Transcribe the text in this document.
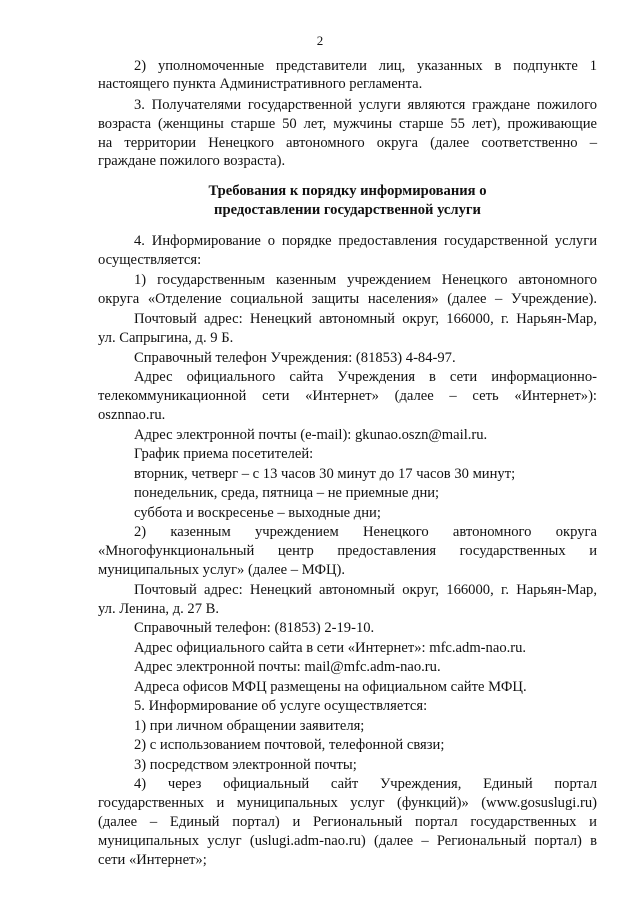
2
2) уполномоченные представители лиц, указанных в подпункте 1
настоящего пункта Административного регламента.
3. Получателями государственной услуги являются граждане пожилого
возраста (женщины старше 50 лет, мужчины старше 55 лет), проживающие
на территории Ненецкого автономного округа (далее соответственно –
граждане пожилого возраста).
Требования к порядку информирования о
предоставлении государственной услуги
4. Информирование о порядке предоставления государственной услуги
осуществляется:
1) государственным казенным учреждением Ненецкого автономного
округа «Отделение социальной защиты населения» (далее – Учреждение).
Почтовый адрес: Ненецкий автономный округ, 166000, г. Нарьян-Мар,
ул. Сапрыгина, д. 9 Б.
Справочный телефон Учреждения: (81853) 4-84-97.
Адрес официального сайта Учреждения в сети информационно-
телекоммуникационной сети «Интернет» (далее – сеть «Интернет»):
osznnao.ru.
Адрес электронной почты (e-mail): gkunao.oszn@mail.ru.
График приема посетителей:
вторник, четверг – с 13 часов 30 минут до 17 часов 30 минут;
понедельник, среда, пятница – не приемные дни;
суббота и воскресенье – выходные дни;
2) казенным учреждением Ненецкого автономного округа
«Многофункциональный центр предоставления государственных и
муниципальных услуг» (далее – МФЦ).
Почтовый адрес: Ненецкий автономный округ, 166000, г. Нарьян-Мар,
ул. Ленина, д. 27 В.
Справочный телефон: (81853) 2-19-10.
Адрес официального сайта в сети «Интернет»: mfc.adm-nao.ru.
Адрес электронной почты: mail@mfc.adm-nao.ru.
Адреса офисов МФЦ размещены на официальном сайте МФЦ.
5. Информирование об услуге осуществляется:
1) при личном обращении заявителя;
2) с использованием почтовой, телефонной связи;
3) посредством электронной почты;
4) через официальный сайт Учреждения, Единый портал
государственных и муниципальных услуг (функций)» (www.gosuslugi.ru)
(далее – Единый портал) и Региональный портал государственных и
муниципальных услуг (uslugi.adm-nao.ru) (далее – Региональный портал) в
сети «Интернет»;
